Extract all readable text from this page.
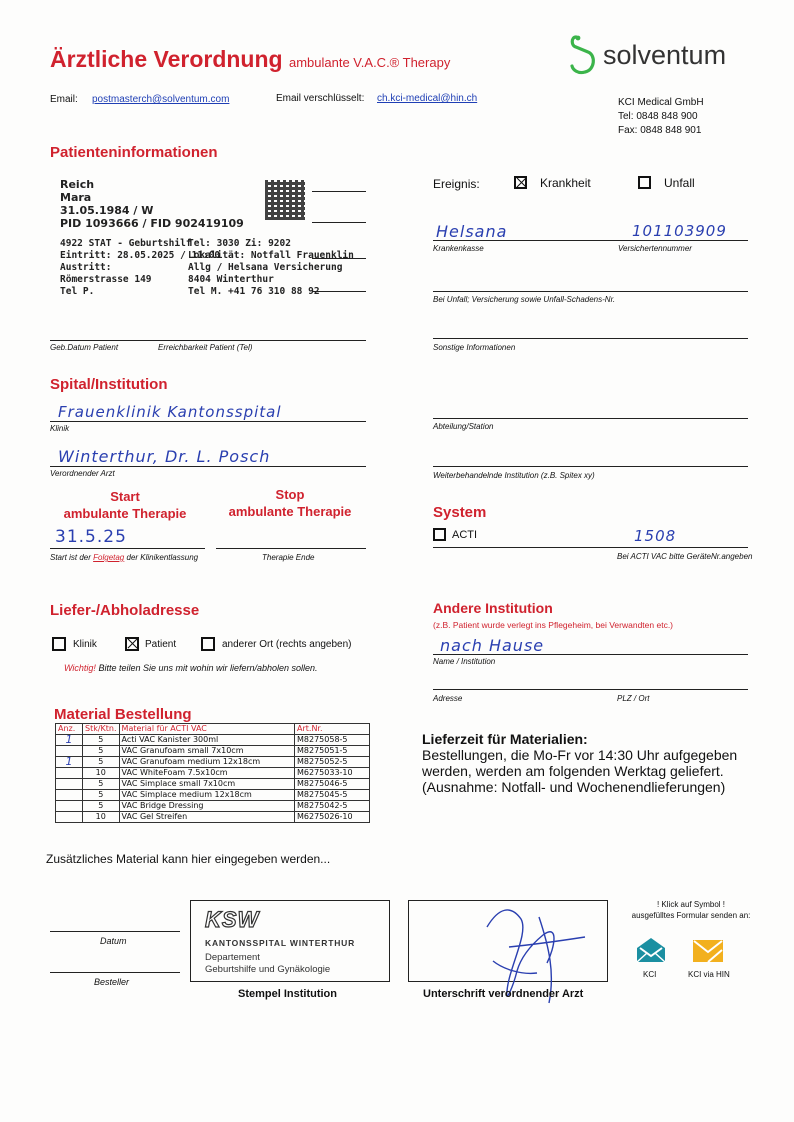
Ärztliche Verordnung ambulante V.A.C.® Therapy	solventum
Email: postmasterch@solventum.com	Email verschlüsselt: ch.kci-medical@hin.ch	KCI Medical GmbH
Tel: 0848 848 900
Fax: 0848 848 901
Patienteninformationen
Reich
Mara
31.05.1984 / W
PID 1093666 / FID 902419109
4922 STAT - Geburtshilf
Eintritt: 28.05.2025 / 11:00
Austritt:
Römerstrasse 149
Tel P.
Tel: 3030 Zi: 9202
Lokalität: Notfall Frauenklin
Allg / Helsana Versicherung
8404 Winterthur
Tel M. +41 76 310 88 92
Geb.Datum Patient	Erreichbarkeit Patient (Tel)
Ereignis:	Krankheit	Unfall
Helsana	101103909
Krankenkasse	Versichertennummer
Bei Unfall; Versicherung sowie Unfall-Schadens-Nr.
Sonstige Informationen
Spital/Institution
Frauenklinik Kantonsspital
Klinik
Winterthur, Dr. L. Posch
Verordnender Arzt
Abteilung/Station
Weiterbehandelnde Institution (z.B. Spitex xy)
Start
ambulante Therapie
Stop
ambulante Therapie
31.5.25
Start ist der Folgetag der Klinikentlassung	Therapie Ende
System
ACTI	1508
Bei ACTI VAC bitte GeräteNr.angeben
Liefer-/Abholadresse
Klinik	Patient	anderer Ort (rechts angeben)
Wichtig! Bitte teilen Sie uns mit wohin wir liefern/abholen sollen.
Andere Institution
(z.B. Patient wurde verlegt ins Pflegeheim, bei Verwandten etc.)
nach Hause
Name / Institution
Adresse	PLZ / Ort
Material Bestellung
Anz.	Stk/Ktn.	Material für ACTI VAC	Art.Nr.
1	5	Acti VAC Kanister 300ml	M8275058-5
	5	VAC Granufoam small 7x10cm	M8275051-5
1	5	VAC Granufoam medium 12x18cm	M8275052-5
	10	VAC WhiteFoam 7.5x10cm	M6275033-10
	5	VAC Simplace small 7x10cm	M8275046-5
	5	VAC Simplace medium 12x18cm	M8275045-5
	5	VAC Bridge Dressing	M8275042-5
	10	VAC Gel Streifen	M6275026-10
Zusätzliches Material kann hier eingegeben werden...
Lieferzeit für Materialien:
Bestellungen, die Mo-Fr vor 14:30 Uhr aufgegeben
werden, werden am folgenden Werktag geliefert.
(Ausnahme: Notfall- und Wochenendlieferungen)
Datum
Besteller
KSW
KANTONSSPITAL WINTERTHUR
Departement
Geburtshilfe und Gynäkologie
Stempel Institution	Unterschrift verordnender Arzt
! Klick auf Symbol !
ausgefülltes Formular senden an:
KCI	KCI via HIN
